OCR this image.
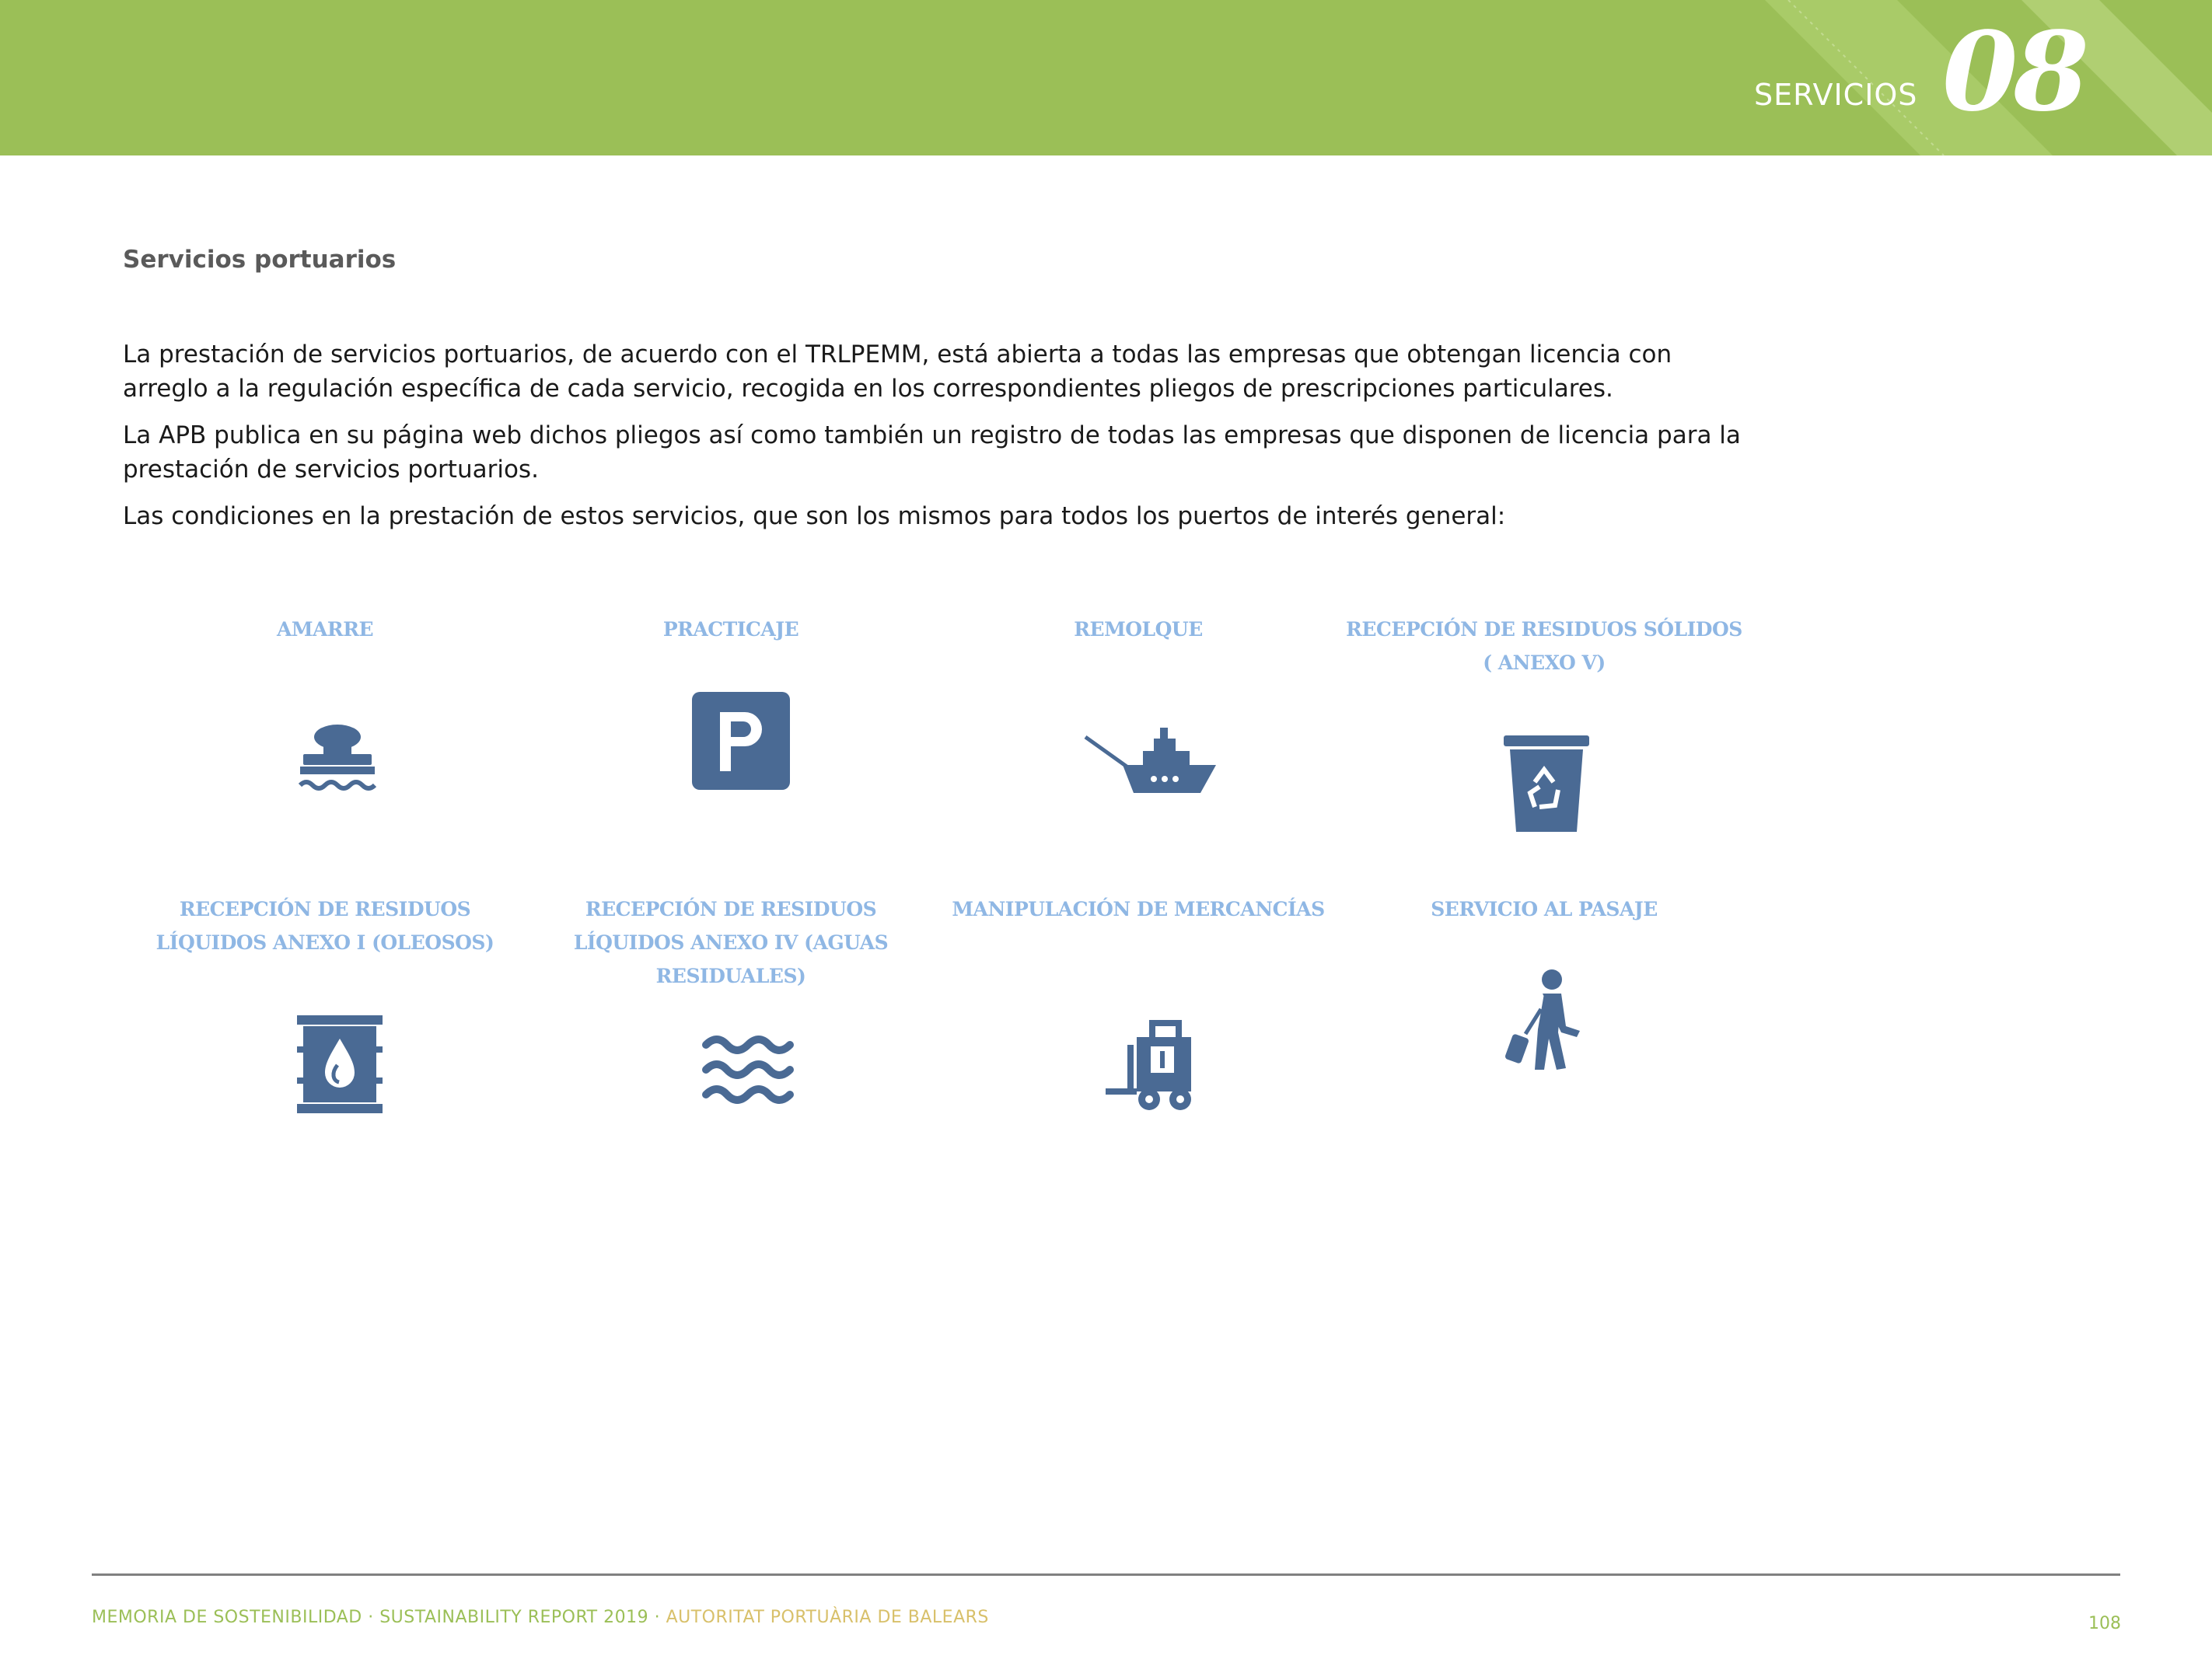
SERVICIOS 08
Servicios portuarios

La prestación de servicios portuarios, de acuerdo con el TRLPEMM, está abierta a todas las empresas que obtengan licencia con arreglo a la regulación específica de cada servicio, recogida en los correspondientes pliegos de prescripciones particulares.

La APB publica en su página web dichos pliegos así como también un registro de todas las empresas que disponen de licencia para la prestación de servicios portuarios.

Las condiciones en la prestación de estos servicios, que son los mismos para todos los puertos de interés general:

AMARRE	PRACTICAJE	REMOLQUE	RECEPCIÓN DE RESIDUOS SÓLIDOS ( ANEXO V)
RECEPCIÓN DE RESIDUOS LÍQUIDOS ANEXO I (OLEOSOS)
RECEPCIÓN DE RESIDUOS LÍQUIDOS ANEXO IV (AGUAS RESIDUALES)
MANIPULACIÓN DE MERCANCÍAS	SERVICIO AL PASAJE
MEMORIA DE SOSTENIBILIDAD · SUSTAINABILITY REPORT 2019 · AUTORITAT PORTUÀRIA DE BALEARS	108
